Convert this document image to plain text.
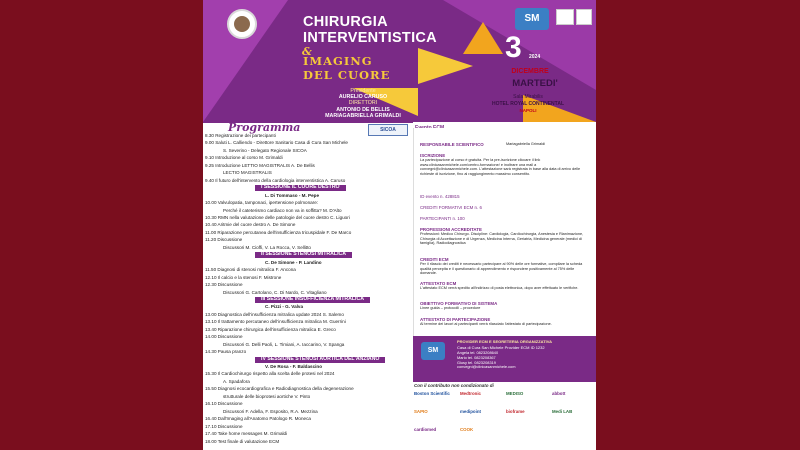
CHIRURGIA
INTERVENTISTICA
&
IMAGING
DEL CUORE
Presidente
AURELIO CARUSO
DIRETTORI
ANTONIO DE BELLIS
MARIAGABRIELLA GRIMALDI
SM
3 2024
DICEMBRE
MARTEDI'
Sala Mirabilis
HOTEL ROYAL CONTINENTAL
NAPOLI
Programma	SICOA
8.30 Registrazione dei partecipanti
9.00 Saluti L. Calliendo - Direttore Sanitario Casa di Cura San Michele
S. Severino - Delegato Regionale SICOA
9.10 Introduzione al corso M. Grimaldi
9.25 Introduzione LETTIO MAGISTRALIS A. De Bellis
LECTIO MAGISTRALIS
9.40 Il futuro dell'intervento della cardiologia interventistica A. Caruso
I SESSIONE IL CUORE DESTRO
L. Di Tommaso - M. Pepe
10.00 Valvulopatia, tamponaci, ipertensione polmonare:
Perché il cateterismo cardiaco non va in soffitta? M. D'Alto
10.30 RMN nella valutazione delle patologie del cuore destro C. Liguori
10.40 Aritmie del cuore destro A. De Simone
11.00 Riparazione percutanea dell'insufficienza tricuspidale F. De Marco
11.20 Discussione
Discussori M. Cioffi, V. La Rocca, V. Sellitto
II SESSIONE STENOSI MITRALICA
C. De Simone - P. Landino
11.50 Diagnosi di stenosi mitralica F. Ancona
12.10 Il calcio e la stenosi F. Mistrone
12.30 Discussione
Discussori G. Cartolano, C. Di Nardo, C. Vitagliano
III SESSIONE INSUFFICIENZA MITRALICA
C. Pizzi - G. Valva
13.00 Diagnostica dell'insufficienza mitralica update 2024 S. Salemo
13.10 Il trattamento percutaneo dell'insufficienza mitralica M. Guerrini
13.40 Riparazione chirurgica dell'insufficienza mitralica E. Greco
14.00 Discussione
Discussori G. Delli Paoli, L. Timiani, A. Iaccarino, V. Spanga
14.30 Pausa pranzo
IV SESSIONE STENOSI AORTICA DEL'ANZIANO
V. De Rosa - F. Baldascino
15.30 Il Cardiochirurgo rispetto alla scelta delle protesi nel 2024
A. Spadafora
15.50 Diagnosi ecocardiografica e Radiodiagnostica della degenerazione
strutturale delle bioprotesi aortiche V. Pinto
16.10 Discussione
Discussori F. Adella, F. Esposito, R.A. Mezzina
16.40 Dall'Imaging all'Anatomo Patologo R. Moneca
17.10 Discussione
17.40 Take home messages M. Grimaldi
18.00 Test finale di valutazione ECM
RESPONSABILE SCIENTIFICO	Mariagabriella Grimaldi
ISCRIZIONE
La partecipazione al corso è gratuita. Per la pre-iscrizione cliccare il link www.clinicasanmichele.com/centro-formazione/ e inoltrare una mail a convegni@clinicasanmichele.com. L'attestazione sarà registrata in base alla data di arrivo delle richieste di iscrizione, fino al raggiungimento massimo consentito.
ID evento n. 428815
CREDITI FORMATIVI ECM n. 6
PARTECIPANTI n. 100
PROFESSIONI ACCREDITATE
Professioni: Medico Chirurgo. Discipline: Cardiologia, Cardiochirurgia, Anestesia e Rianimazione, Chirurgia di Accettazione e di Urgenza, Medicina Interna, Geriatria, Medicina generale (medici di famiglia), Radiodiagnostica
CREDITI ECM
Per il rilascio dei crediti è necessario partecipare al 90% delle ore formative, compilare la scheda qualità percepita e il questionario di apprendimento e rispondere positivamente al 75% delle domande.
ATTESTATO ECM
L'attestato ECM verrà spedito all'indirizzo di posta elettronica, dopo aver effettuato le verifiche.
OBIETTIVO FORMATIVO DI SISTEMA
Linee guida – protocolli – procedure
ATTESTATO DI PARTECIPAZIONE
Al termine dei lavori ai partecipanti verrà rilasciato l'attestato di partecipazione.
SM
PROVIDER ECM E SEGRETERIA ORGANIZZATIVA
Casa di Cura San Michele Provider ECM ID 1232
Angela tel. 0823208640
Mario tel. 0823208367
Giusy tel. 0823208319
convegni@clinicasanmichele.com
Con il contributo non condizionato di
Boston Scientific Medtronic	MEDISO	abbott
SAPIO	medipoint	bioframe	Medi LAB
cardiomed	COOK
